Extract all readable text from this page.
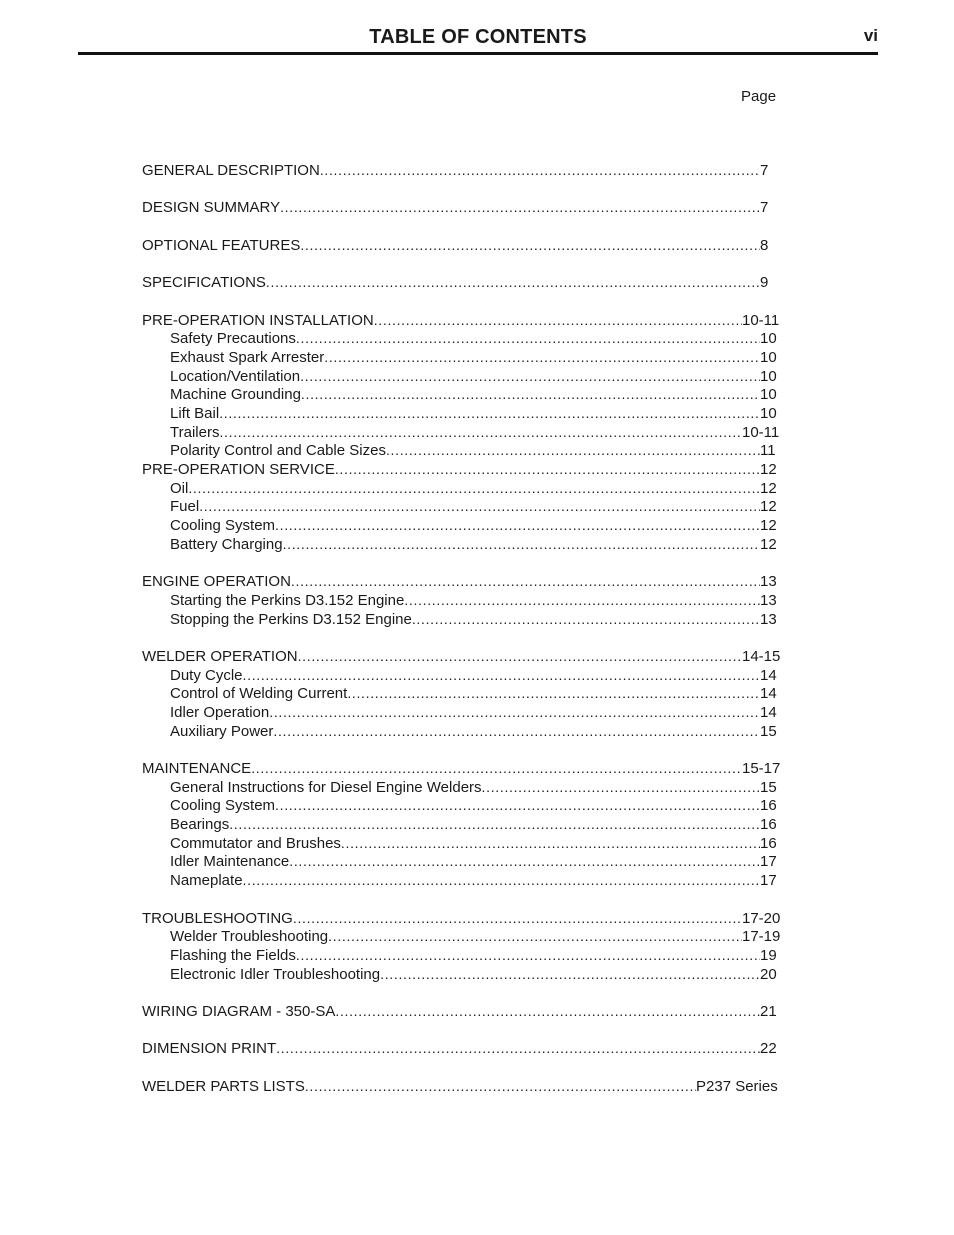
TABLE OF CONTENTS	vi
Page
GENERAL DESCRIPTION . . .	7
DESIGN SUMMARY . . .	7
OPTIONAL FEATURES . . .	8
SPECIFICATIONS . . .	9
PRE-OPERATION INSTALLATION . . .	10-11
Safety Precautions . . .	10
Exhaust Spark Arrester . . .	10
Location/Ventilation . . .	10
Machine Grounding . . .	10
Lift Bail . . .	10
Trailers . . .	10-11
Polarity Control and Cable Sizes . . .	11
PRE-OPERATION SERVICE . . .	12
Oil . . .	12
Fuel . . .	12
Cooling System . . .	12
Battery Charging . . .	12
ENGINE OPERATION . . .	13
Starting the Perkins D3.152 Engine . . .	13
Stopping the Perkins D3.152 Engine . . .	13
WELDER OPERATION . . .	14-15
Duty Cycle . . .	14
Control of Welding Current . . .	14
Idler Operation . . .	14
Auxiliary Power . . .	15
MAINTENANCE . . .	15-17
General Instructions for Diesel Engine Welders . . .	15
Cooling System . . .	16
Bearings . . .	16
Commutator and Brushes . . .	16
Idler Maintenance . . .	17
Nameplate . . .	17
TROUBLESHOOTING . . .	17-20
Welder Troubleshooting . . .	17-19
Flashing the Fields . . .	19
Electronic Idler Troubleshooting . . .	20
WIRING DIAGRAM - 350-SA . . .	21
DIMENSION PRINT . . .	22
WELDER PARTS LISTS . . .	P237 Series
